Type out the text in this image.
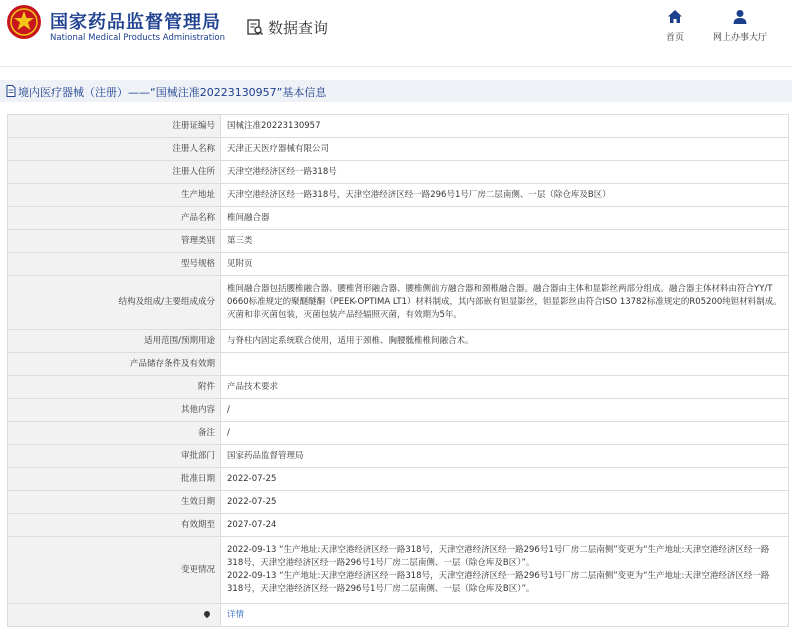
国家药品监督管理局
National Medical Products Administration
数据查询
首页	网上办事大厅
境内医疗器械（注册）——“国械注准20223130957”基本信息
注册证编号	国械注准20223130957
注册人名称	天津正天医疗器械有限公司
注册人住所	天津空港经济区经一路318号
生产地址	天津空港经济区经一路318号，天津空港经济区经一路296号1号厂房二层南侧、一层（除仓库及B区）
产品名称	椎间融合器
管理类别	第三类
型号规格	见附页
结构及组成/主要组成成分	椎间融合器包括腰椎融合器、腰椎肾形融合器、腰椎侧前方融合器和颈椎融合器。融合器由主体和显影丝两部分组成。融合器主体材料由符合YY/T 0660标准规定的聚醚醚酮（PEEK-OPTIMA LT1）材料制成，其内部嵌有钽显影丝，钽显影丝由符合ISO 13782标准规定的R05200纯钽材料制成。灭菌和非灭菌包装，灭菌包装产品经辐照灭菌，有效期为5年。
适用范围/预期用途	与脊柱内固定系统联合使用，适用于颈椎、胸腰骶椎椎间融合术。
产品储存条件及有效期	
附件	产品技术要求
其他内容	/
备注	/
审批部门	国家药品监督管理局
批准日期	2022-07-25
生效日期	2022-07-25
有效期至	2027-07-24
变更情况	2022-09-13 “生产地址:天津空港经济区经一路318号，天津空港经济区经一路296号1号厂房二层南侧”变更为“生产地址:天津空港经济区经一路318号，天津空港经济区经一路296号1号厂房二层南侧、一层（除仓库及B区）”。
2022-09-13 “生产地址:天津空港经济区经一路318号，天津空港经济区经一路296号1号厂房二层南侧”变更为“生产地址:天津空港经济区经一路318号，天津空港经济区经一路296号1号厂房二层南侧、一层（除仓库及B区）”。
	详情
